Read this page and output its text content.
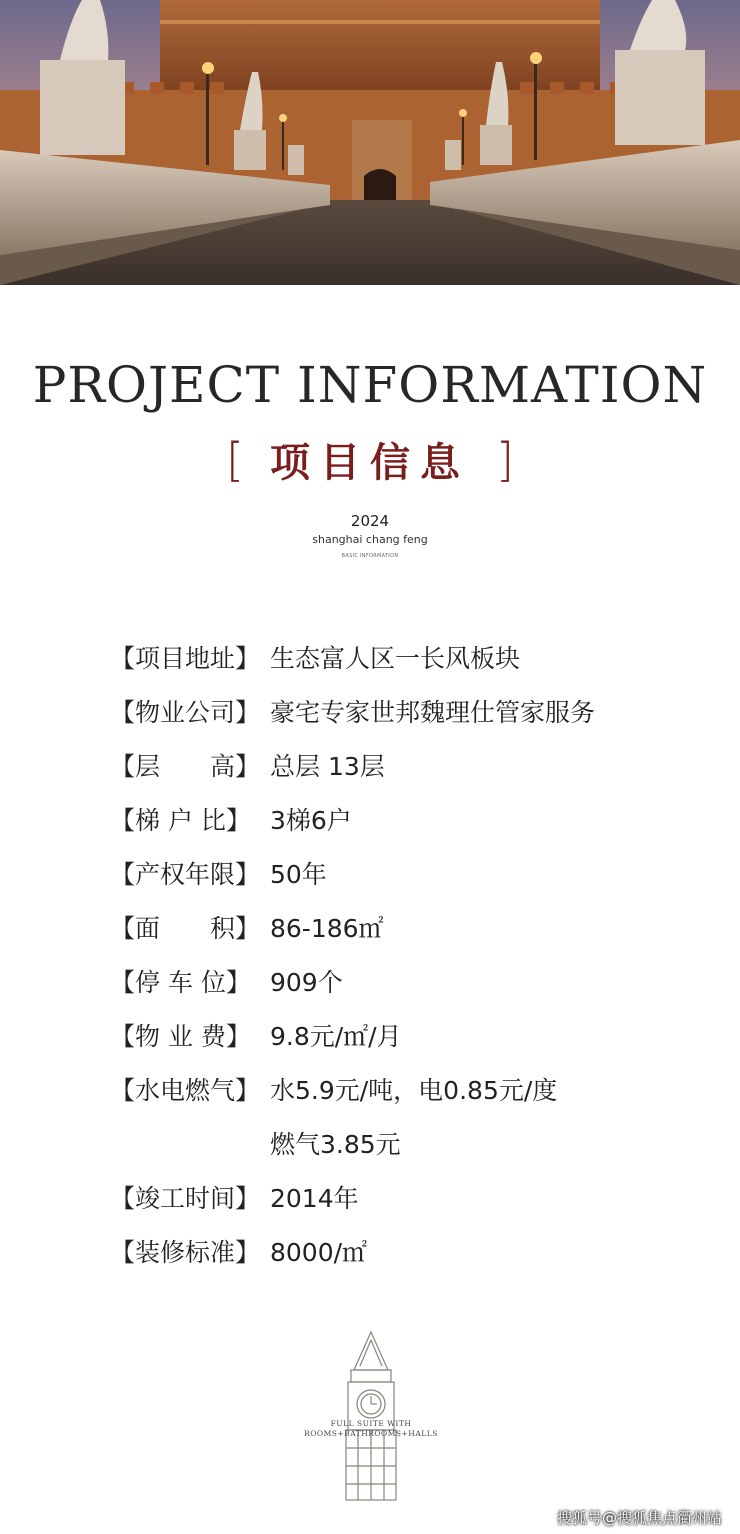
PROJECT INFORMATION
[ 项目信息 ]
2024
shanghai chang feng
BASIC INFORMATION
【项目地址】 生态富人区一长风板块
【物业公司】 豪宅专家世邦魏理仕管家服务
【层　　高】 总层 13层
【梯 户 比】 3梯6户
【产权年限】 50年
【面　　积】 86-186㎡
【停 车 位】 909个
【物 业 费】 9.8元/㎡/月
【水电燃气】 水5.9元/吨，电0.85元/度
燃气3.85元
【竣工时间】 2014年
【装修标准】 8000/㎡
FULL SUITE WITH
ROOMS+BATHROOMS+HALLS
搜狐号@搜狐焦点衢州站
